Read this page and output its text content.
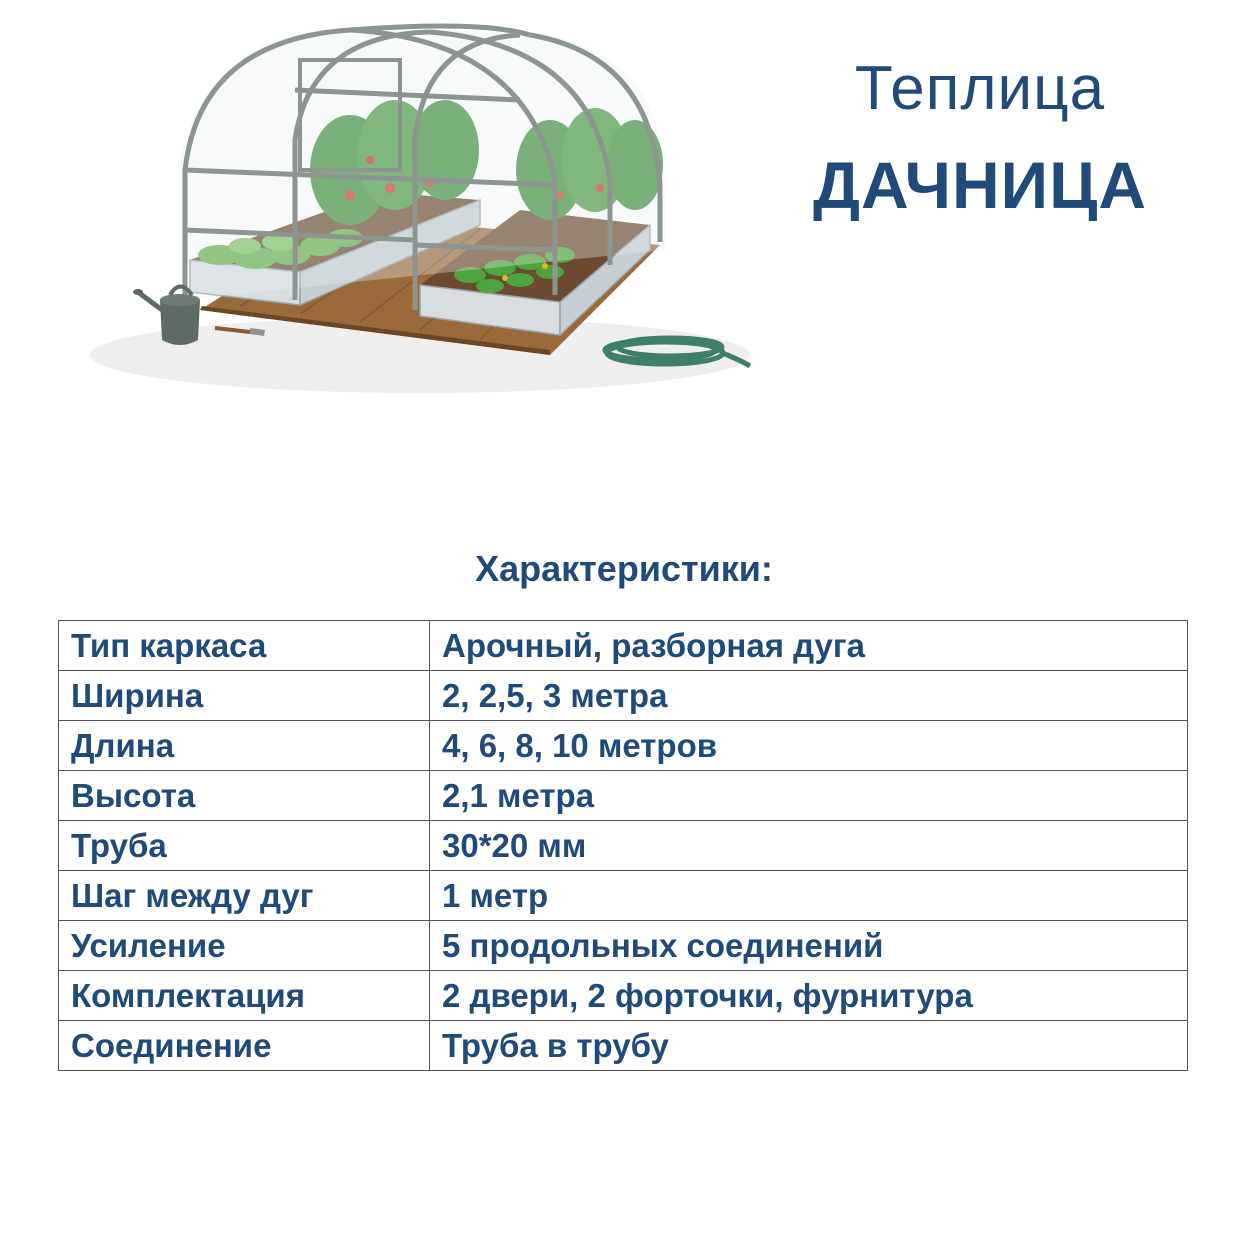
Теплица
ДАЧНИЦА
Характеристики:
Тип каркаса	Арочный, разборная дуга
Ширина	2, 2,5, 3 метра
Длина	4, 6, 8, 10 метров
Высота	2,1 метра
Труба	30*20 мм
Шаг между дуг	1 метр
Усиление	5 продольных соединений
Комплектация	2 двери, 2 форточки, фурнитура
Соединение	Труба в трубу
